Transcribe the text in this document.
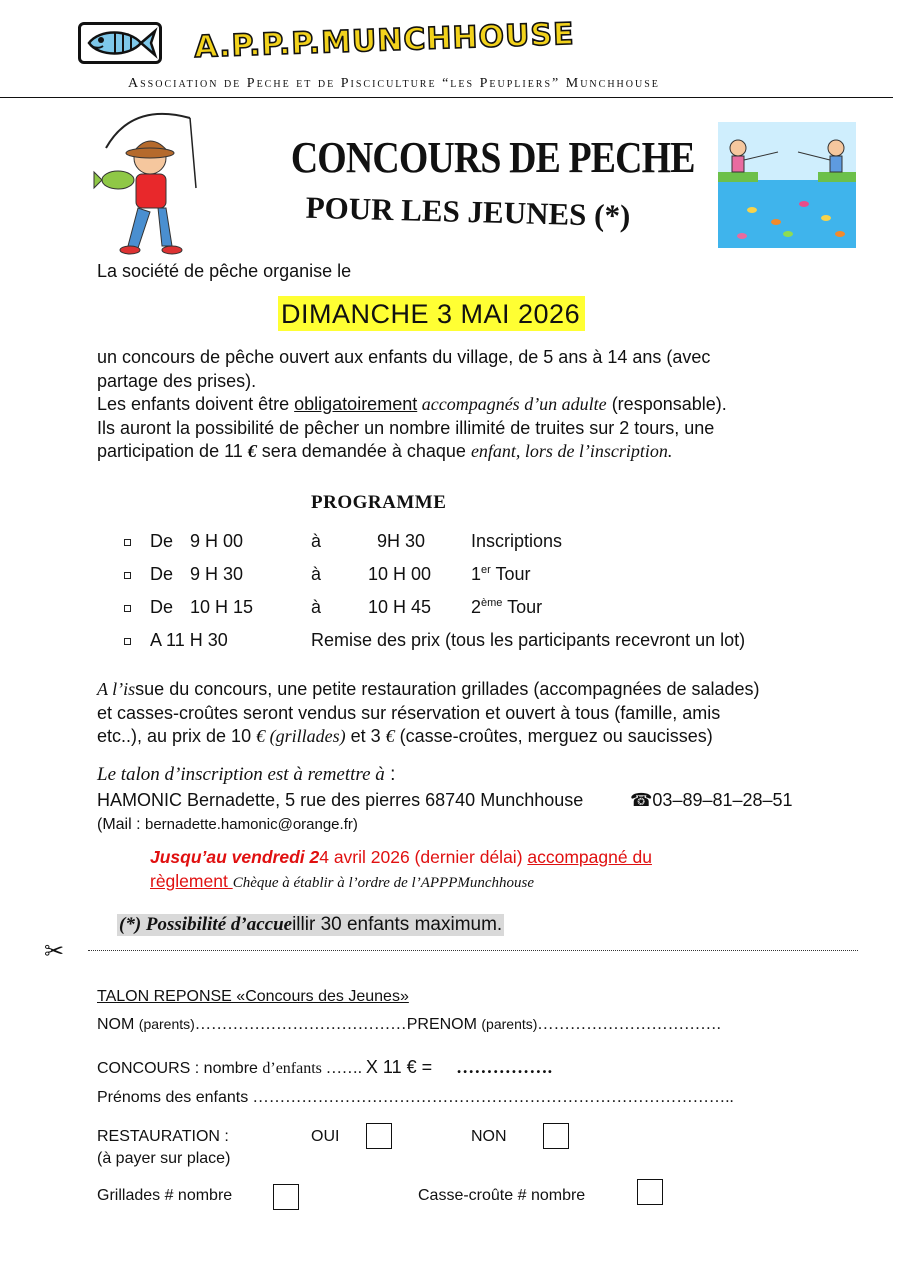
A.P.P.P.MUNCHHOUSE
Association de Peche et de Pisciculture “les Peupliers” Munchhouse
CONCOURS DE PECHE
POUR LES JEUNES (*)
La société de pêche organise le
DIMANCHE 3 MAI 2026
un concours de pêche ouvert aux enfants du village, de 5 ans à 14 ans (avec
partage des prises).
Les enfants doivent être obligatoirement accompagnés d’un adulte (responsable).
Ils auront la possibilité de pêcher un nombre illimité de truites sur 2 tours, une
participation de 11 € sera demandée à chaque enfant, lors de l’inscription.
PROGRAMME
De 9 H 00	à	9H 30	Inscriptions
De 9 H 30	à	10 H 00	1er Tour
De 10 H 15	à	10 H 45	2ème Tour
A 11 H 30	Remise des prix (tous les participants recevront un lot)
A l’issue du concours, une petite restauration grillades (accompagnées de salades)
et casses-croûtes seront vendus sur réservation et ouvert à tous (famille, amis
etc..), au prix de 10 € (grillades) et 3 € (casse-croûtes, merguez ou saucisses)
Le talon d’inscription est à remettre à :
HAMONIC Bernadette, 5 rue des pierres 68740 Munchhouse	☎03–89–81–28–51
(Mail : bernadette.hamonic@orange.fr)
Jusqu’au vendredi 24 avril 2026 (dernier délai) accompagné du
règlement Chèque à établir à l’ordre de l’APPPMunchhouse
(*) Possibilité d’accueillir 30 enfants maximum.
✂
TALON REPONSE «Concours des Jeunes»
NOM (parents)…………………………………PRENOM (parents)…………………………….
CONCOURS : nombre d’enfants ……. X 11 € = …………….
Prénoms des enfants ……………………………………………………………………………..
RESTAURATION :	OUI	NON
(à payer sur place)
Grillades # nombre	Casse-croûte # nombre
